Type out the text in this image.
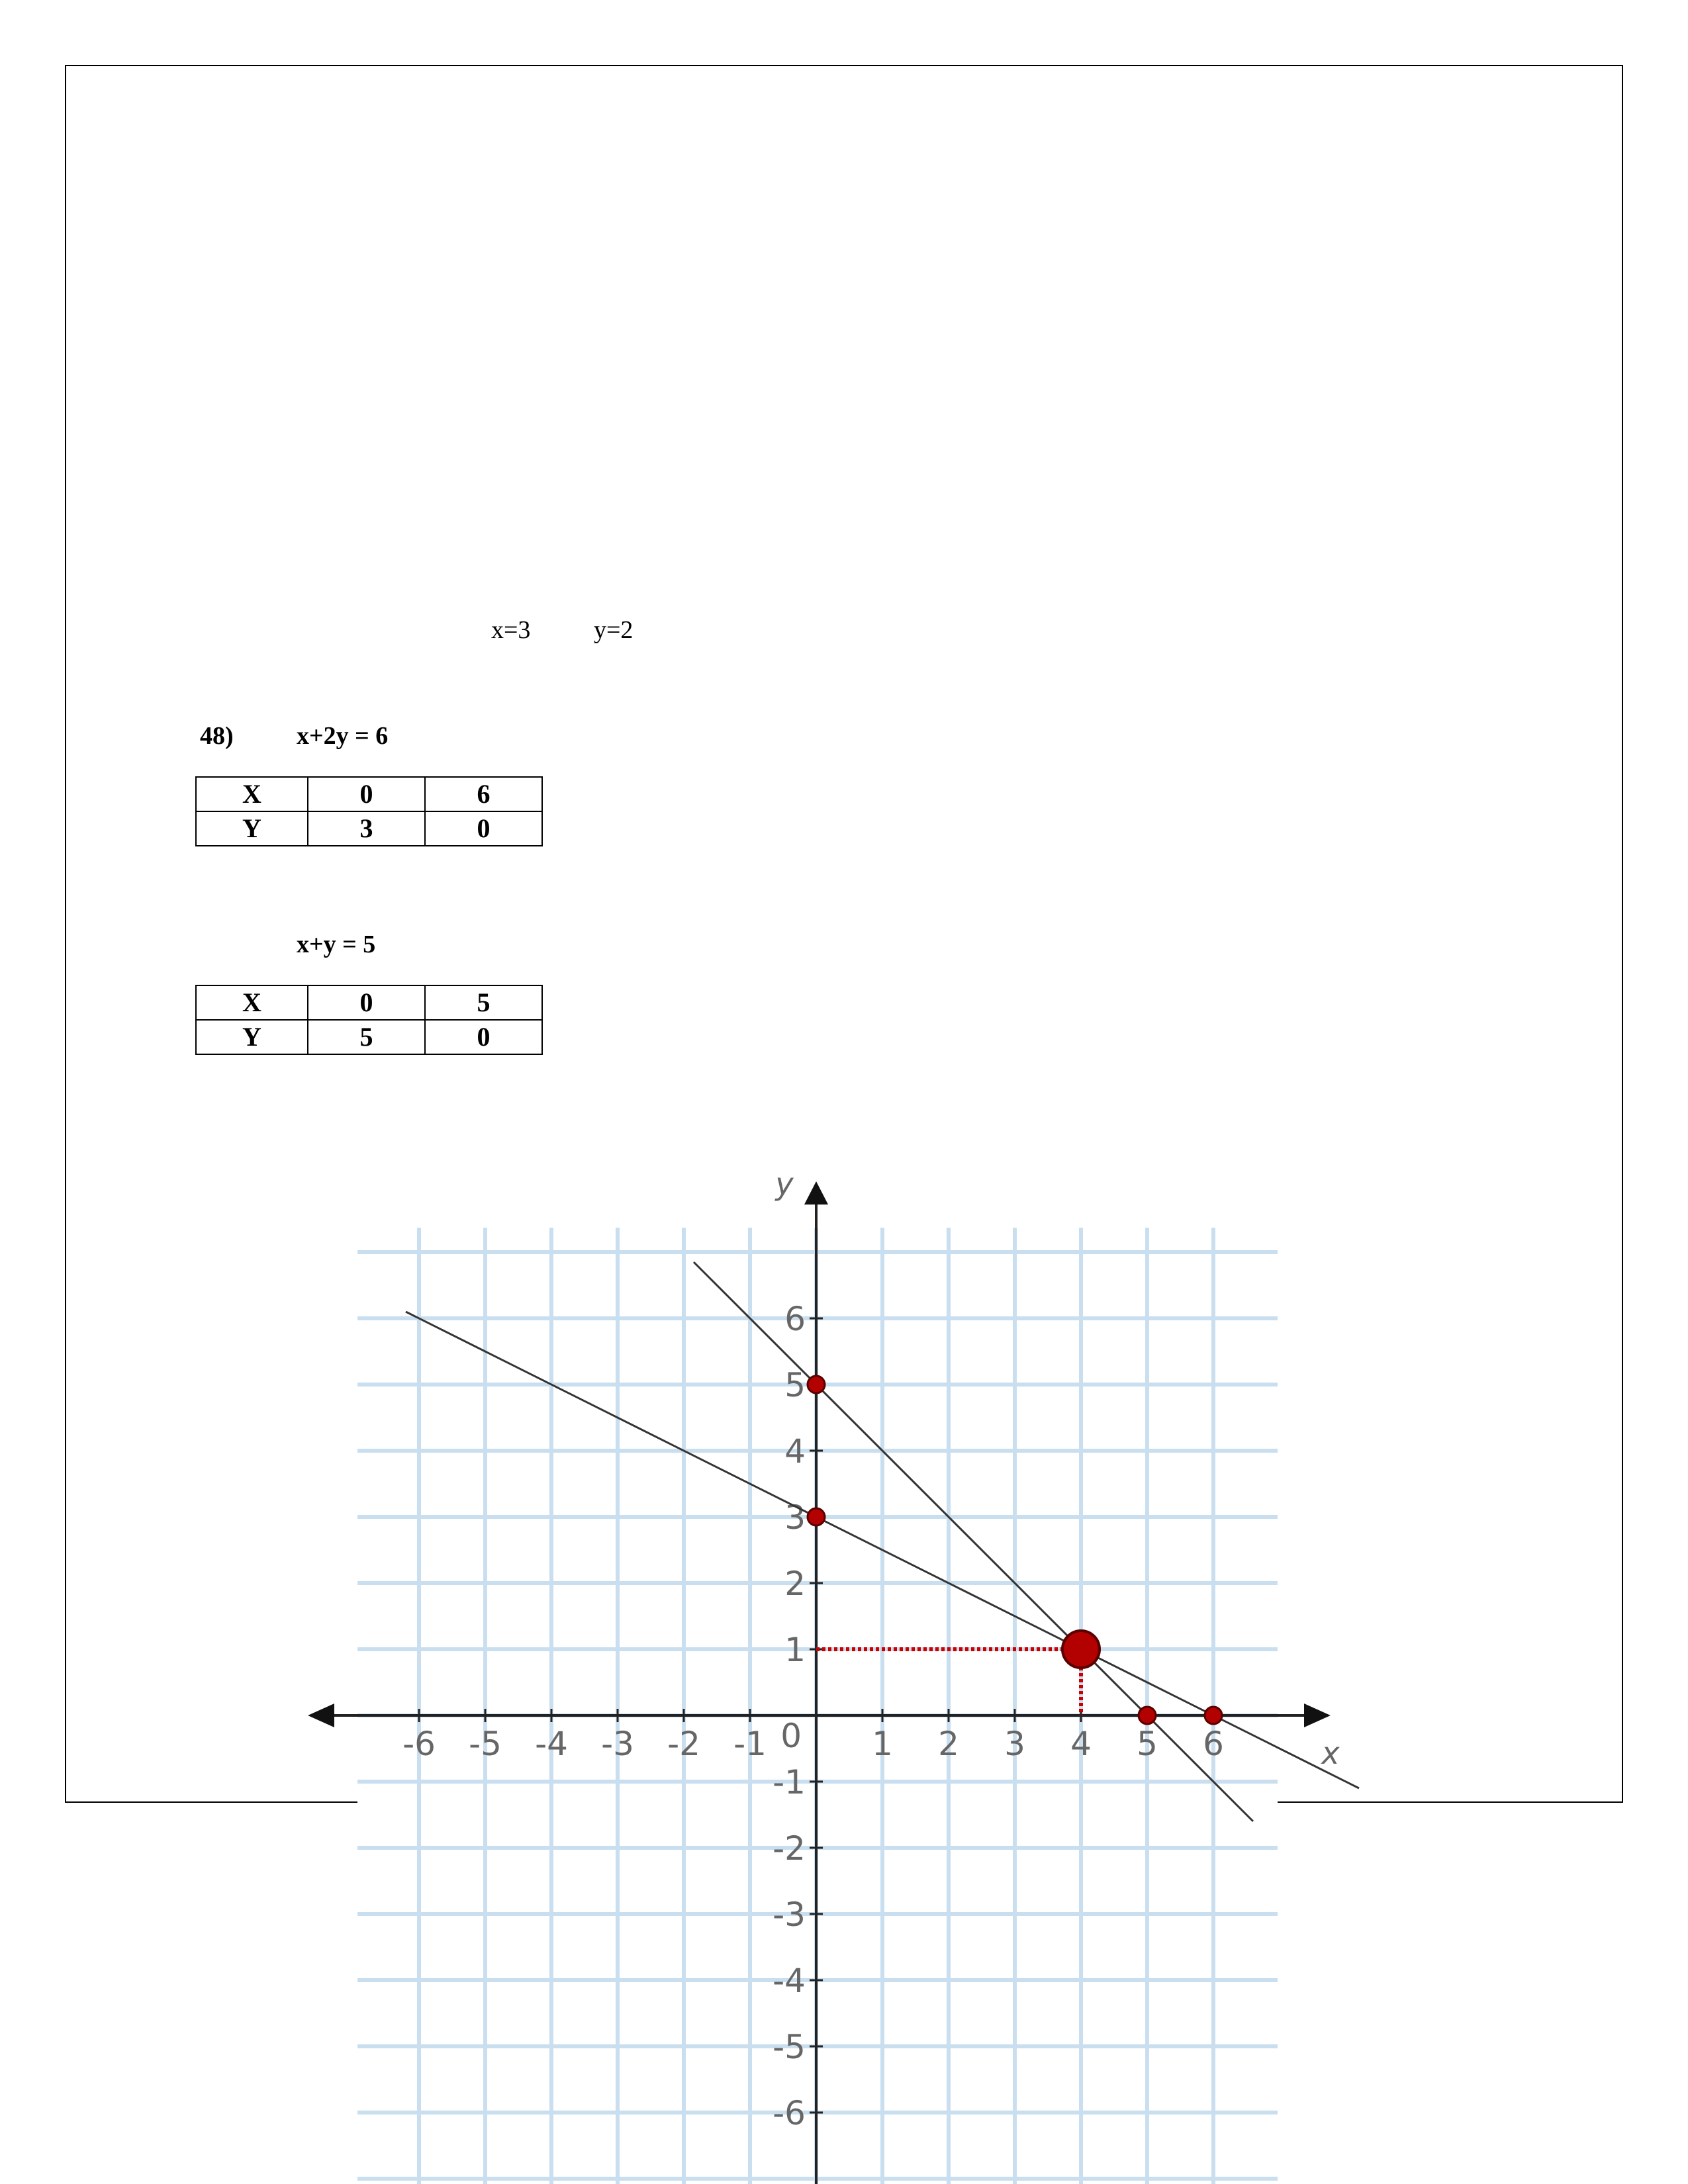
x=3	y=2
48)	x+2y = 6
X	0	6
Y	3	0
x+y = 5
X	0	5
Y	5	0
-6 -5 -4 -3 -2 -1	1 2 3 4 5 6
6
5
4
3
2
1
-1
-2
-3
-4
-5
-6
0	x
y
